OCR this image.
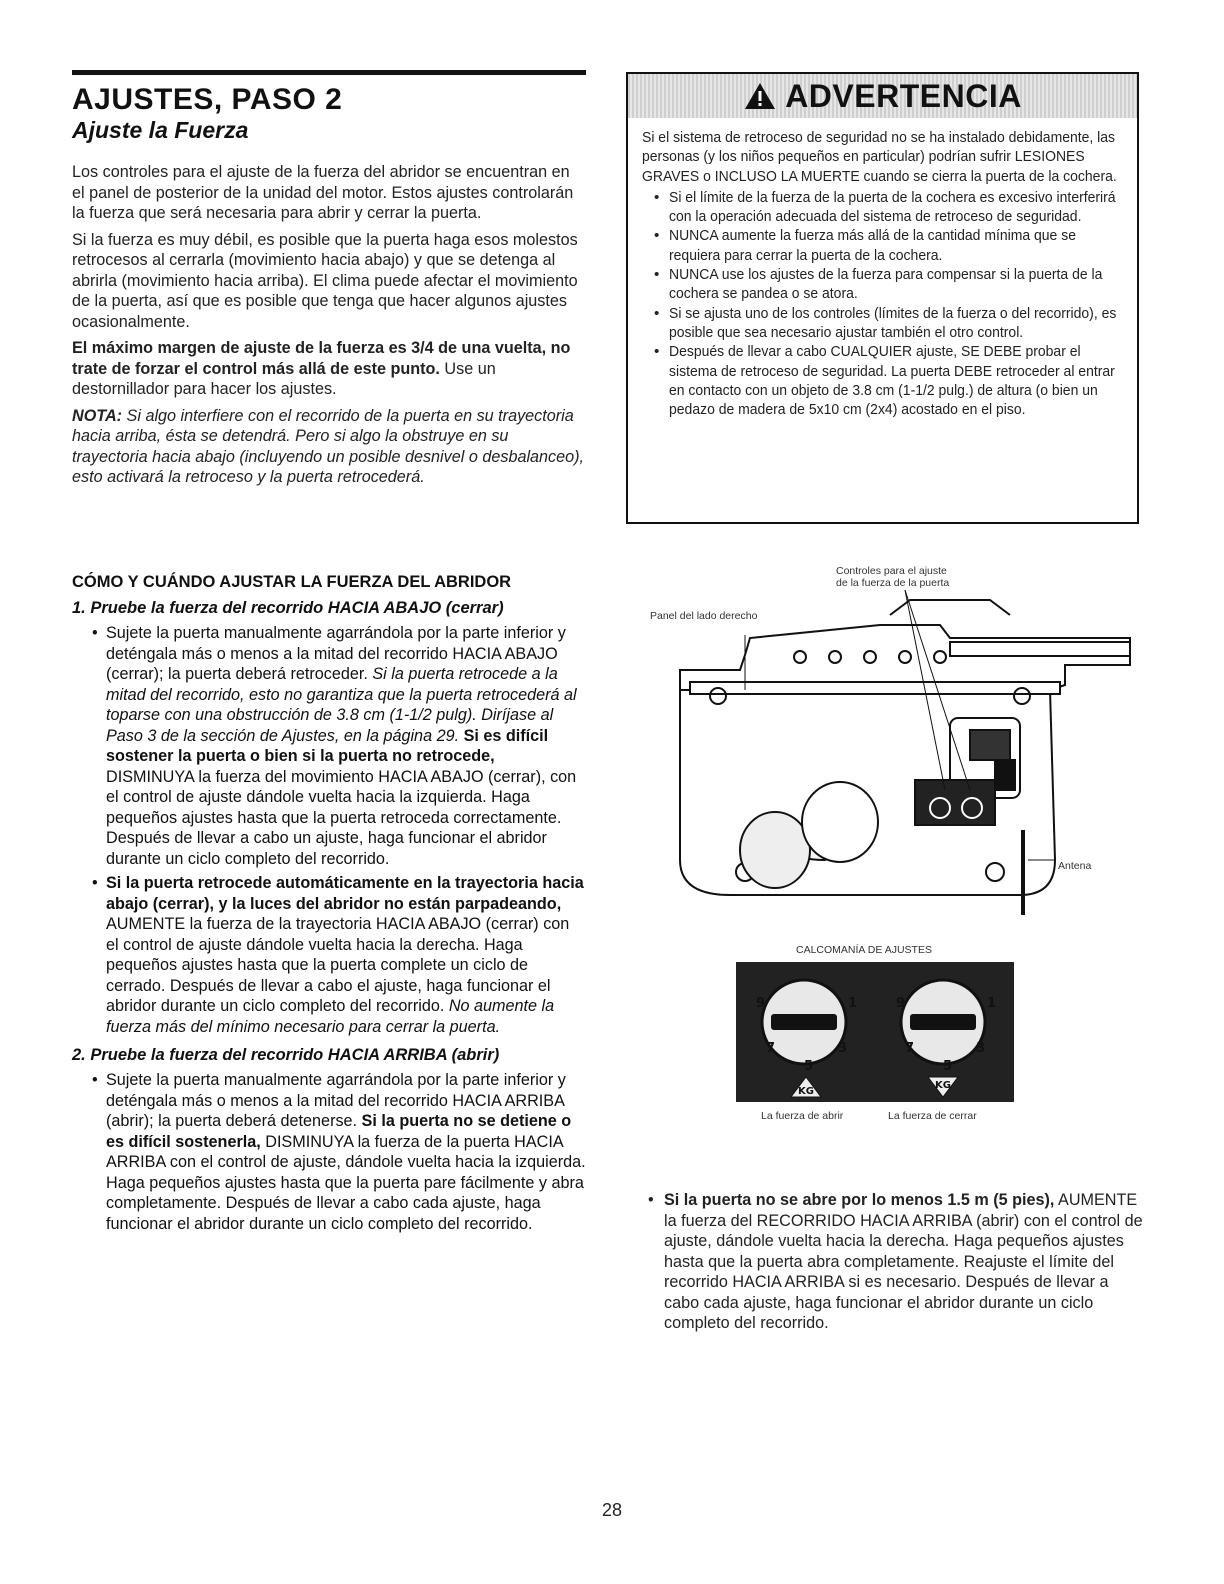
AJUSTES, PASO 2
Ajuste la Fuerza

Los controles para el ajuste de la fuerza del abridor se encuentran en el panel de posterior de la unidad del motor. Estos ajustes controlarán la fuerza que será necesaria para abrir y cerrar la puerta.

Si la fuerza es muy débil, es posible que la puerta haga esos molestos retrocesos al cerrarla (movimiento hacia abajo) y que se detenga al abrirla (movimiento hacia arriba). El clima puede afectar el movimiento de la puerta, así que es posible que tenga que hacer algunos ajustes ocasionalmente.

El máximo margen de ajuste de la fuerza es 3/4 de una vuelta, no trate de forzar el control más allá de este punto. Use un destornillador para hacer los ajustes.

NOTA: Si algo interfiere con el recorrido de la puerta en su trayectoria hacia arriba, ésta se detendrá. Pero si algo la obstruye en su trayectoria hacia abajo (incluyendo un posible desnivel o desbalanceo), esto activará la retroceso y la puerta retrocederá.

CÓMO Y CUÁNDO AJUSTAR LA FUERZA DEL ABRIDOR
1. Pruebe la fuerza del recorrido HACIA ABAJO (cerrar)
• Sujete la puerta manualmente agarrándola por la parte inferior y deténgala más o menos a la mitad del recorrido HACIA ABAJO (cerrar); la puerta deberá retroceder. Si la puerta retrocede a la mitad del recorrido, esto no garantiza que la puerta retrocederá al toparse con una obstrucción de 3.8 cm (1-1/2 pulg). Diríjase al Paso 3 de la sección de Ajustes, en la página 29. Si es difícil sostener la puerta o bien si la puerta no retrocede, DISMINUYA la fuerza del movimiento HACIA ABAJO (cerrar), con el control de ajuste dándole vuelta hacia la izquierda. Haga pequeños ajustes hasta que la puerta retroceda correctamente. Después de llevar a cabo un ajuste, haga funcionar el abridor durante un ciclo completo del recorrido.
• Si la puerta retrocede automáticamente en la trayectoria hacia abajo (cerrar), y la luces del abridor no están parpadeando, AUMENTE la fuerza de la trayectoria HACIA ABAJO (cerrar) con el control de ajuste dándole vuelta hacia la derecha. Haga pequeños ajustes hasta que la puerta complete un ciclo de cerrado. Después de llevar a cabo el ajuste, haga funcionar el abridor durante un ciclo completo del recorrido. No aumente la fuerza más del mínimo necesario para cerrar la puerta.
2. Pruebe la fuerza del recorrido HACIA ARRIBA (abrir)
• Sujete la puerta manualmente agarrándola por la parte inferior y deténgala más o menos a la mitad del recorrido HACIA ARRIBA (abrir); la puerta deberá detenerse. Si la puerta no se detiene o es difícil sostenerla, DISMINUYA la fuerza de la puerta HACIA ARRIBA con el control de ajuste, dándole vuelta hacia la izquierda. Haga pequeños ajustes hasta que la puerta pare fácilmente y abra completamente. Después de llevar a cabo cada ajuste, haga funcionar el abridor durante un ciclo completo del recorrido.
ADVERTENCIA

Si el sistema de retroceso de seguridad no se ha instalado debidamente, las personas (y los niños pequeños en particular) podrían sufrir LESIONES GRAVES o INCLUSO LA MUERTE cuando se cierra la puerta de la cochera.

• Si el límite de la fuerza de la puerta de la cochera es excesivo interferirá con la operación adecuada del sistema de retroceso de seguridad.
• NUNCA aumente la fuerza más allá de la cantidad mínima que se requiera para cerrar la puerta de la cochera.
• NUNCA use los ajustes de la fuerza para compensar si la puerta de la cochera se pandea o se atora.
• Si se ajusta uno de los controles (límites de la fuerza o del recorrido), es posible que sea necesario ajustar también el otro control.
• Después de llevar a cabo CUALQUIER ajuste, SE DEBE probar el sistema de retroceso de seguridad. La puerta DEBE retroceder al entrar en contacto con un objeto de 3.8 cm (1-1/2 pulg.) de altura (o bien un pedazo de madera de 5x10 cm (2x4) acostado en el piso.
Controles para el ajuste
de la fuerza de la puerta
Panel del lado derecho
Antena
CALCOMANÍA DE AJUSTES
9	1
7	3
5
9	1
7	3
5
KG
KG
La fuerza de abrir	La fuerza de cerrar
• Si la puerta no se abre por lo menos 1.5 m (5 pies), AUMENTE la fuerza del RECORRIDO HACIA ARRIBA (abrir) con el control de ajuste, dándole vuelta hacia la derecha. Haga pequeños ajustes hasta que la puerta abra completamente. Reajuste el límite del recorrido HACIA ARRIBA si es necesario. Después de llevar a cabo cada ajuste, haga funcionar el abridor durante un ciclo completo del recorrido.
28
